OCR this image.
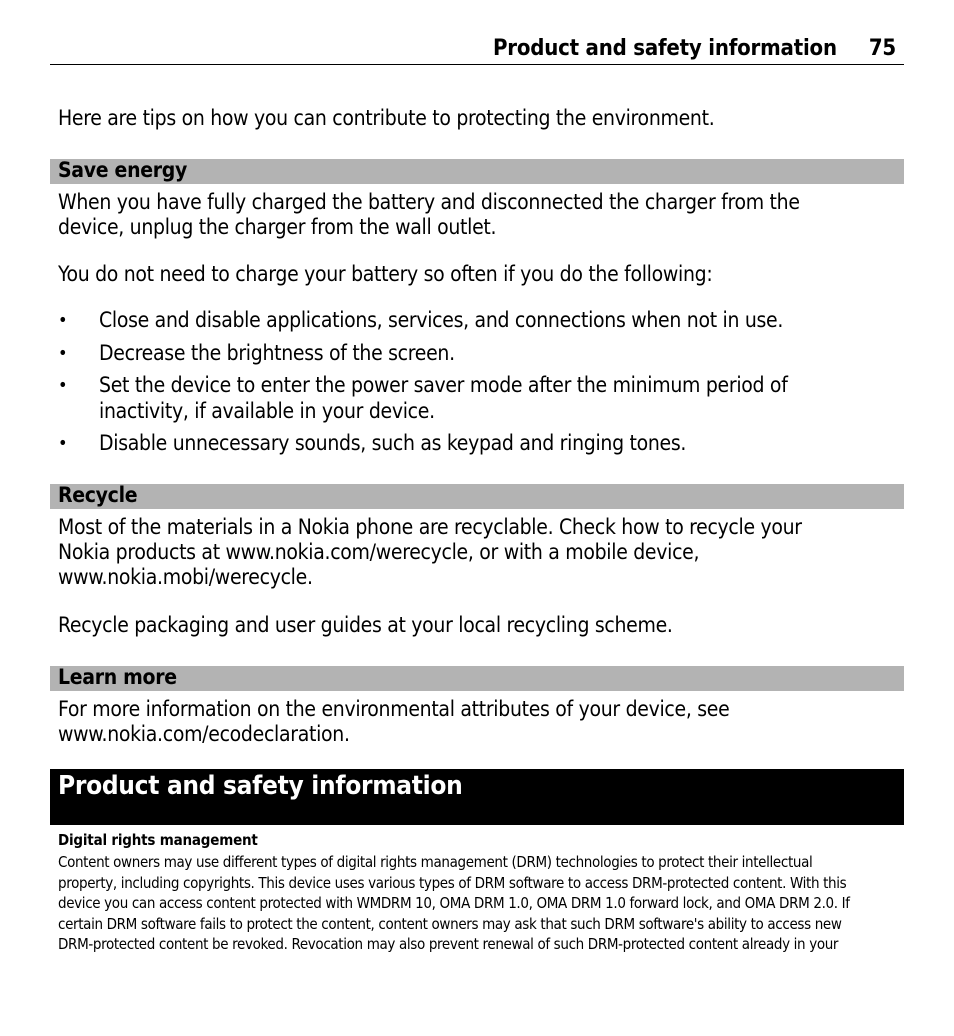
Product and safety information 75
Here are tips on how you can contribute to protecting the environment.
Save energy
When you have fully charged the battery and disconnected the charger from the
device, unplug the charger from the wall outlet.
You do not need to charge your battery so often if you do the following:
• Close and disable applications, services, and connections when not in use.
• Decrease the brightness of the screen.
• Set the device to enter the power saver mode after the minimum period of
inactivity, if available in your device.
• Disable unnecessary sounds, such as keypad and ringing tones.
Recycle
Most of the materials in a Nokia phone are recyclable. Check how to recycle your
Nokia products at www.nokia.com/werecycle, or with a mobile device,
www.nokia.mobi/werecycle.
Recycle packaging and user guides at your local recycling scheme.
Learn more
For more information on the environmental attributes of your device, see
www.nokia.com/ecodeclaration.
Product and safety information
Digital rights management
Content owners may use different types of digital rights management (DRM) technologies to protect their intellectual
property, including copyrights. This device uses various types of DRM software to access DRM-protected content. With this
device you can access content protected with WMDRM 10, OMA DRM 1.0, OMA DRM 1.0 forward lock, and OMA DRM 2.0. If
certain DRM software fails to protect the content, content owners may ask that such DRM software's ability to access new
DRM-protected content be revoked. Revocation may also prevent renewal of such DRM-protected content already in your
